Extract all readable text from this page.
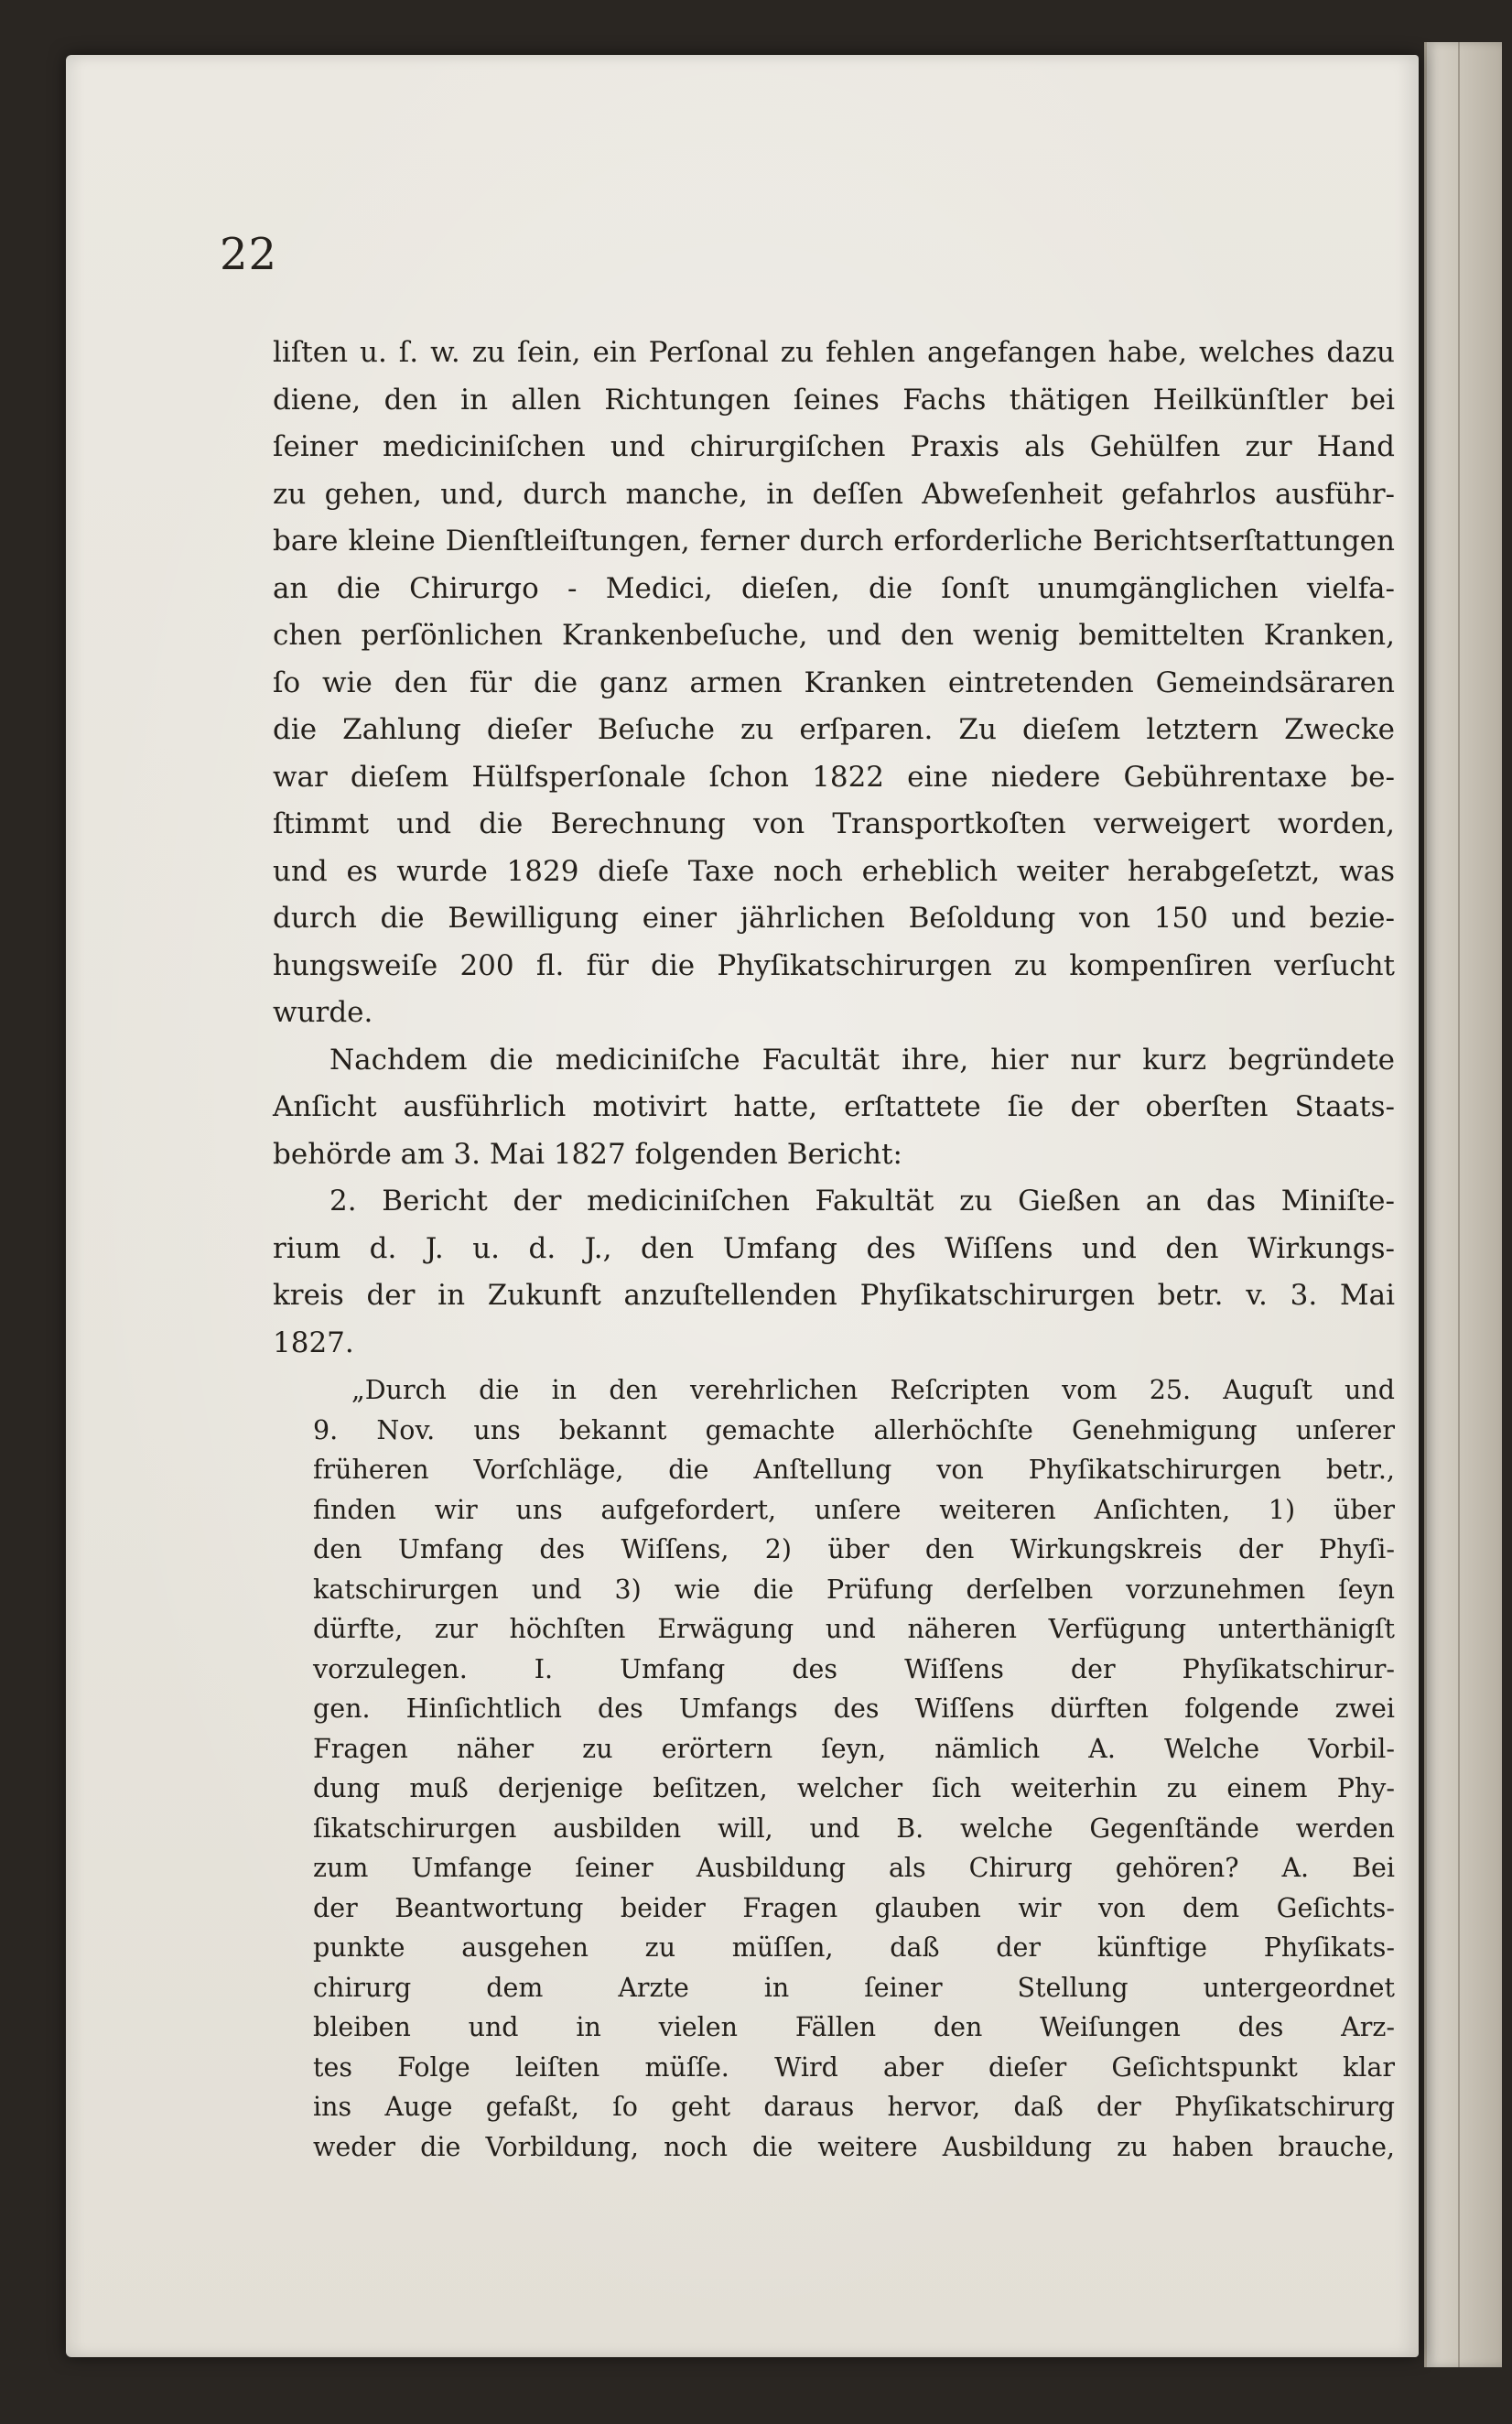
22
liſten u. ſ. w. zu ſein, ein Perſonal zu fehlen angefangen habe, welches dazu
diene, den in allen Richtungen ſeines Fachs thätigen Heilkünſtler bei
ſeiner mediciniſchen und chirurgiſchen Praxis als Gehülfen zur Hand
zu gehen, und, durch manche, in deſſen Abweſenheit gefahrlos ausführ-
bare kleine Dienſtleiſtungen, ferner durch erforderliche Berichtserſtattungen
an die Chirurgo - Medici, dieſen, die ſonſt unumgänglichen vielfa-
chen perſönlichen Krankenbeſuche, und den wenig bemittelten Kranken,
ſo wie den für die ganz armen Kranken eintretenden Gemeindsäraren
die Zahlung dieſer Beſuche zu erſparen. Zu dieſem letztern Zwecke
war dieſem Hülfsperſonale ſchon 1822 eine niedere Gebührentaxe be-
ſtimmt und die Berechnung von Transportkoſten verweigert worden,
und es wurde 1829 dieſe Taxe noch erheblich weiter herabgeſetzt, was
durch die Bewilligung einer jährlichen Beſoldung von 150 und bezie-
hungsweiſe 200 fl. für die Phyſikatschirurgen zu kompenſiren verſucht
wurde.
Nachdem die mediciniſche Facultät ihre, hier nur kurz begründete
Anſicht ausführlich motivirt hatte, erſtattete ſie der oberſten Staats-
behörde am 3. Mai 1827 folgenden Bericht:
2. Bericht der mediciniſchen Fakultät zu Gießen an das Miniſte-
rium d. J. u. d. J., den Umfang des Wiſſens und den Wirkungs-
kreis der in Zukunft anzuſtellenden Phyſikatschirurgen betr. v. 3. Mai
1827.
„Durch die in den verehrlichen Reſcripten vom 25. Auguſt und
9. Nov. uns bekannt gemachte allerhöchſte Genehmigung unſerer
früheren Vorſchläge, die Anſtellung von Phyſikatschirurgen betr.,
finden wir uns aufgefordert, unſere weiteren Anſichten, 1) über
den Umfang des Wiſſens, 2) über den Wirkungskreis der Phyſi-
katschirurgen und 3) wie die Prüfung derſelben vorzunehmen ſeyn
dürfte, zur höchſten Erwägung und näheren Verfügung unterthänigſt
vorzulegen. I. Umfang des Wiſſens der Phyſikatschirur-
gen. Hinſichtlich des Umfangs des Wiſſens dürften folgende zwei
Fragen näher zu erörtern ſeyn, nämlich A. Welche Vorbil-
dung muß derjenige beſitzen, welcher ſich weiterhin zu einem Phy-
ſikatschirurgen ausbilden will, und B. welche Gegenſtände werden
zum Umfange ſeiner Ausbildung als Chirurg gehören? A. Bei
der Beantwortung beider Fragen glauben wir von dem Geſichts-
punkte ausgehen zu müſſen, daß der künftige Phyſikats-
chirurg dem Arzte in ſeiner Stellung untergeordnet
bleiben und in vielen Fällen den Weiſungen des Arz-
tes Folge leiſten müſſe. Wird aber dieſer Geſichtspunkt klar
ins Auge gefaßt, ſo geht daraus hervor, daß der Phyſikatschirurg
weder die Vorbildung, noch die weitere Ausbildung zu haben brauche,
